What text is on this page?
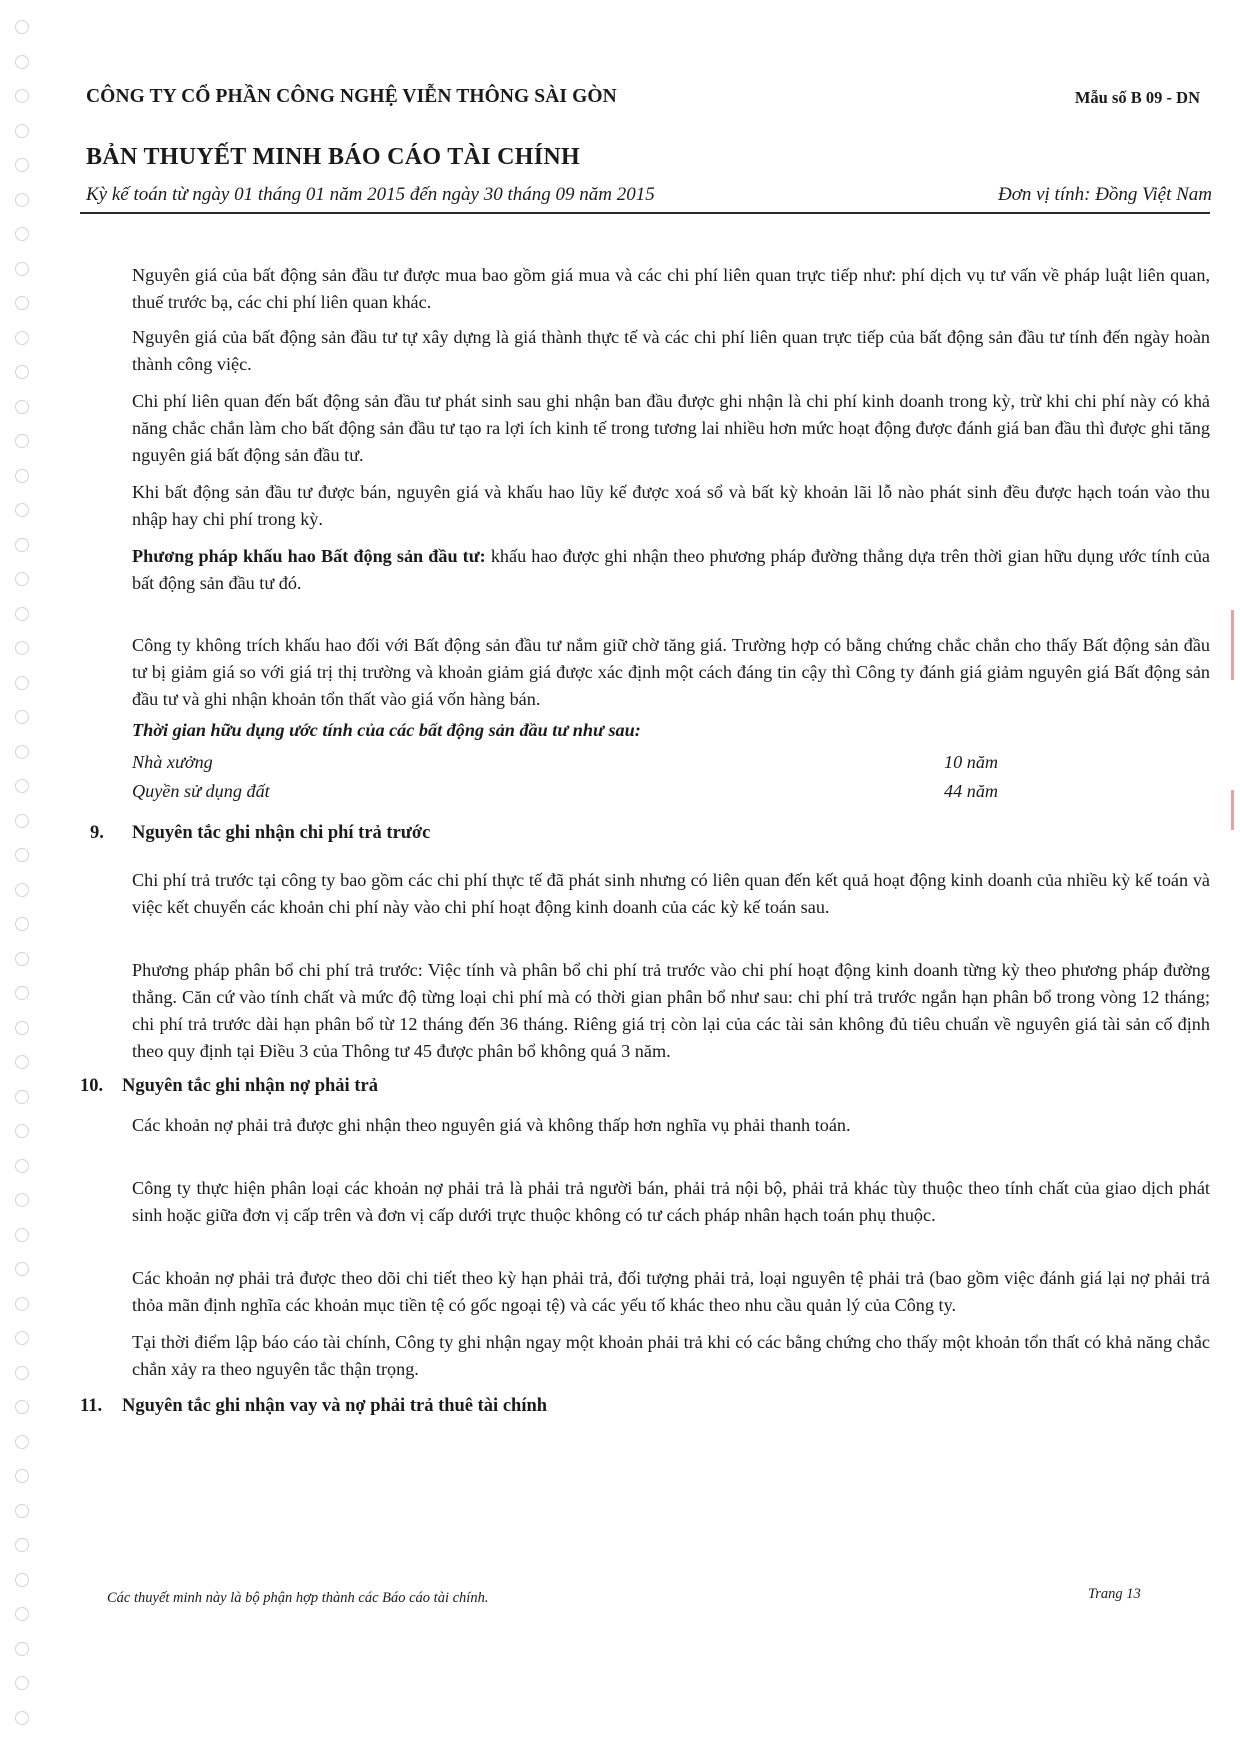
CÔNG TY CỔ PHẦN CÔNG NGHỆ VIỄN THÔNG SÀI GÒN	Mẫu số B 09 - DN
BẢN THUYẾT MINH BÁO CÁO TÀI CHÍNH
Kỳ kế toán từ ngày 01 tháng 01 năm 2015 đến ngày 30 tháng 09 năm 2015	Đơn vị tính: Đồng Việt Nam

Nguyên giá của bất động sản đầu tư được mua bao gồm giá mua và các chi phí liên quan trực tiếp như: phí dịch vụ tư vấn về pháp luật liên quan, thuế trước bạ, các chi phí liên quan khác.

Nguyên giá của bất động sản đầu tư tự xây dựng là giá thành thực tế và các chi phí liên quan trực tiếp của bất động sản đầu tư tính đến ngày hoàn thành công việc.

Chi phí liên quan đến bất động sản đầu tư phát sinh sau ghi nhận ban đầu được ghi nhận là chi phí kinh doanh trong kỳ, trừ khi chi phí này có khả năng chắc chắn làm cho bất động sản đầu tư tạo ra lợi ích kinh tế trong tương lai nhiều hơn mức hoạt động được đánh giá ban đầu thì được ghi tăng nguyên giá bất động sản đầu tư.

Khi bất động sản đầu tư được bán, nguyên giá và khấu hao lũy kế được xoá sổ và bất kỳ khoản lãi lỗ nào phát sinh đều được hạch toán vào thu nhập hay chi phí trong kỳ.

Phương pháp khấu hao Bất động sản đầu tư: khấu hao được ghi nhận theo phương pháp đường thẳng dựa trên thời gian hữu dụng ước tính của bất động sản đầu tư đó.

Công ty không trích khấu hao đối với Bất động sản đầu tư nắm giữ chờ tăng giá. Trường hợp có bằng chứng chắc chắn cho thấy Bất động sản đầu tư bị giảm giá so với giá trị thị trường và khoản giảm giá được xác định một cách đáng tin cậy thì Công ty đánh giá giảm nguyên giá Bất động sản đầu tư và ghi nhận khoản tổn thất vào giá vốn hàng bán.

Thời gian hữu dụng ước tính của các bất động sản đầu tư như sau:
Nhà xưởng	10 năm
Quyền sử dụng đất	44 năm
9. Nguyên tắc ghi nhận chi phí trả trước

Chi phí trả trước tại công ty bao gồm các chi phí thực tế đã phát sinh nhưng có liên quan đến kết quả hoạt động kinh doanh của nhiều kỳ kế toán và việc kết chuyển các khoản chi phí này vào chi phí hoạt động kinh doanh của các kỳ kế toán sau.

Phương pháp phân bổ chi phí trả trước: Việc tính và phân bổ chi phí trả trước vào chi phí hoạt động kinh doanh từng kỳ theo phương pháp đường thẳng. Căn cứ vào tính chất và mức độ từng loại chi phí mà có thời gian phân bổ như sau: chi phí trả trước ngắn hạn phân bổ trong vòng 12 tháng; chi phí trả trước dài hạn phân bổ từ 12 tháng đến 36 tháng. Riêng giá trị còn lại của các tài sản không đủ tiêu chuẩn về nguyên giá tài sản cố định theo quy định tại Điều 3 của Thông tư 45 được phân bổ không quá 3 năm.

10. Nguyên tắc ghi nhận nợ phải trả

Các khoản nợ phải trả được ghi nhận theo nguyên giá và không thấp hơn nghĩa vụ phải thanh toán.

Công ty thực hiện phân loại các khoản nợ phải trả là phải trả người bán, phải trả nội bộ, phải trả khác tùy thuộc theo tính chất của giao dịch phát sinh hoặc giữa đơn vị cấp trên và đơn vị cấp dưới trực thuộc không có tư cách pháp nhân hạch toán phụ thuộc.

Các khoản nợ phải trả được theo dõi chi tiết theo kỳ hạn phải trả, đối tượng phải trả, loại nguyên tệ phải trả (bao gồm việc đánh giá lại nợ phải trả thỏa mãn định nghĩa các khoản mục tiền tệ có gốc ngoại tệ) và các yếu tố khác theo nhu cầu quản lý của Công ty.

Tại thời điểm lập báo cáo tài chính, Công ty ghi nhận ngay một khoản phải trả khi có các bằng chứng cho thấy một khoản tổn thất có khả năng chắc chắn xảy ra theo nguyên tắc thận trọng.

11. Nguyên tắc ghi nhận vay và nợ phải trả thuê tài chính
Các thuyết minh này là bộ phận hợp thành các Báo cáo tài chính.	Trang 13
